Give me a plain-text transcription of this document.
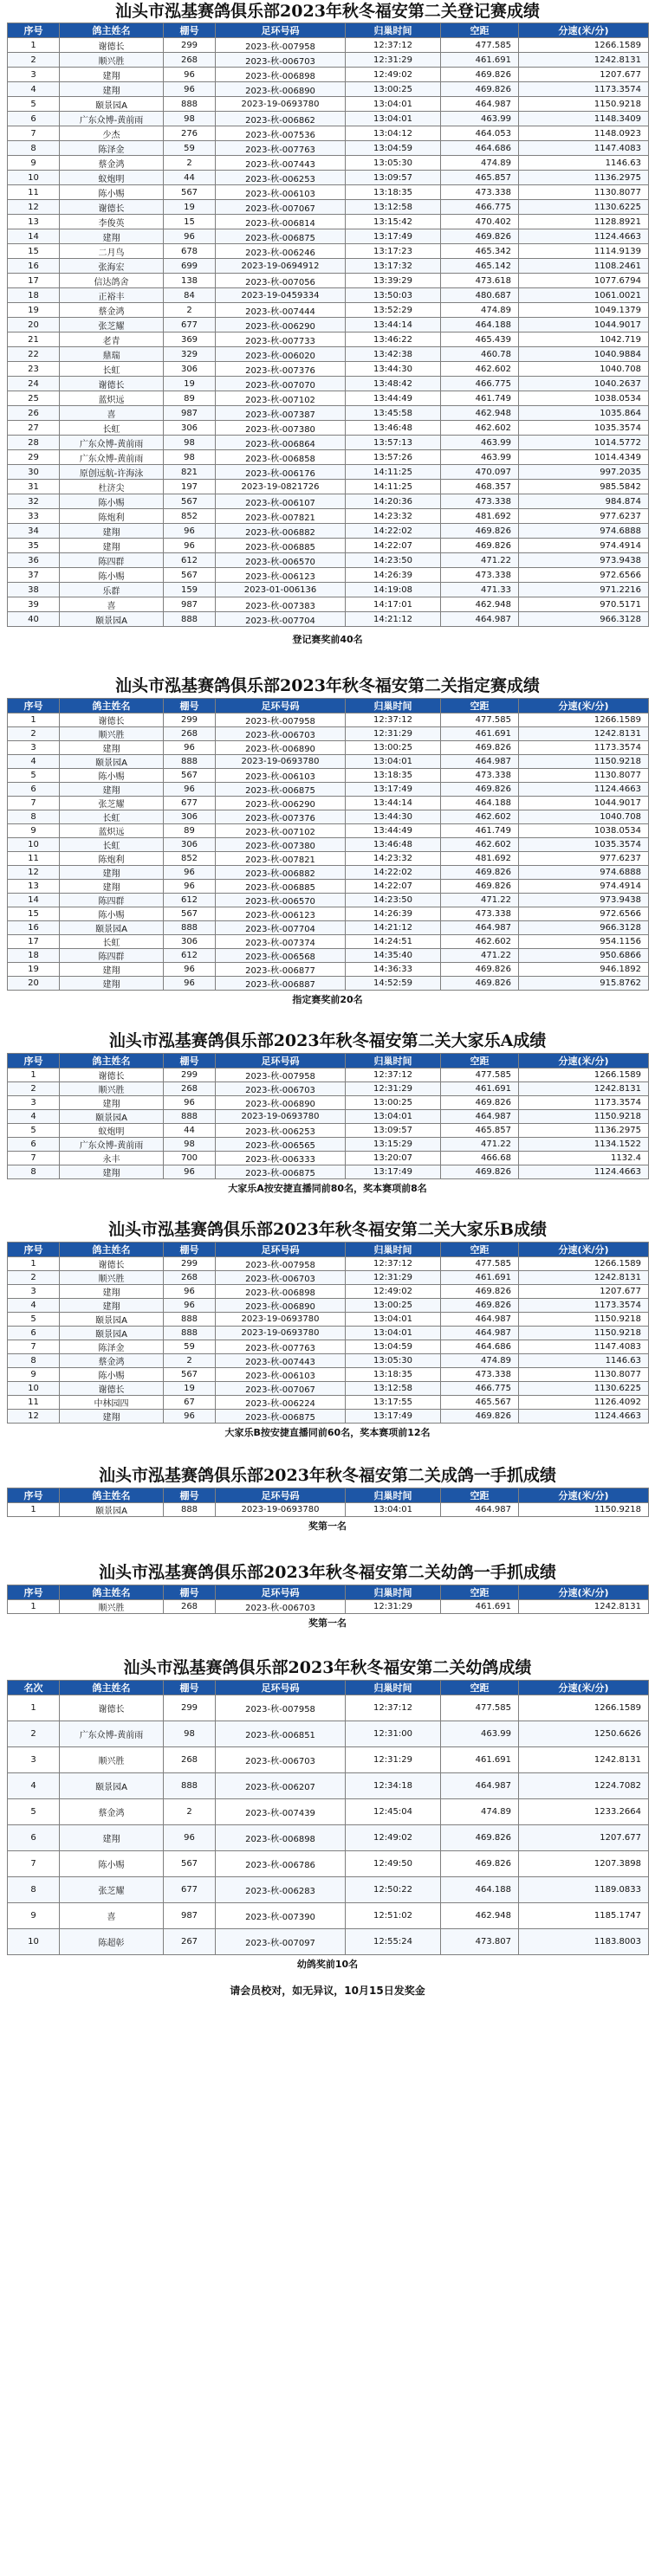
汕头市泓基赛鸽俱乐部2023年秋冬福安第二关登记赛成绩
序号	鸽主姓名	棚号	足环号码	归巢时间	空距	分速(米/分)
1	谢德长	299	2023-秋-007958	12:37:12	477.585	1266.1589
2	顺兴胜	268	2023-秋-006703	12:31:29	461.691	1242.8131
3	建翔	96	2023-秋-006898	12:49:02	469.826	1207.677
4	建翔	96	2023-秋-006890	13:00:25	469.826	1173.3574
5	颐景园A	888	2023-19-0693780	13:04:01	464.987	1150.9218
6	广东众博-黄前雨	98	2023-秋-006862	13:04:01	463.99	1148.3409
7	少杰	276	2023-秋-007536	13:04:12	464.053	1148.0923
8	陈泽金	59	2023-秋-007763	13:04:59	464.686	1147.4083
9	蔡金鸿	2	2023-秋-007443	13:05:30	474.89	1146.63
10	蚁炮明	44	2023-秋-006253	13:09:57	465.857	1136.2975
11	陈小赐	567	2023-秋-006103	13:18:35	473.338	1130.8077
12	谢德长	19	2023-秋-007067	13:12:58	466.775	1130.6225
13	李俊英	15	2023-秋-006814	13:15:42	470.402	1128.8921
14	建翔	96	2023-秋-006875	13:17:49	469.826	1124.4663
15	二月鸟	678	2023-秋-006246	13:17:23	465.342	1114.9139
16	张海宏	699	2023-19-0694912	13:17:32	465.142	1108.2461
17	信达鸽舍	138	2023-秋-007056	13:39:29	473.618	1077.6794
18	正裕丰	84	2023-19-0459334	13:50:03	480.687	1061.0021
19	蔡金鸿	2	2023-秋-007444	13:52:29	474.89	1049.1379
20	张芝耀	677	2023-秋-006290	13:44:14	464.188	1044.9017
21	老青	369	2023-秋-007733	13:46:22	465.439	1042.719
22	鼎瑞	329	2023-秋-006020	13:42:38	460.78	1040.9884
23	长虹	306	2023-秋-007376	13:44:30	462.602	1040.708
24	谢德长	19	2023-秋-007070	13:48:42	466.775	1040.2637
25	蓝炽远	89	2023-秋-007102	13:44:49	461.749	1038.0534
26	喜	987	2023-秋-007387	13:45:58	462.948	1035.864
27	长虹	306	2023-秋-007380	13:46:48	462.602	1035.3574
28	广东众博-黄前雨	98	2023-秋-006864	13:57:13	463.99	1014.5772
29	广东众博-黄前雨	98	2023-秋-006858	13:57:26	463.99	1014.4349
30	原创远航-许海泳	821	2023-秋-006176	14:11:25	470.097	997.2035
31	杜济尖	197	2023-19-0821726	14:11:25	468.357	985.5842
32	陈小赐	567	2023-秋-006107	14:20:36	473.338	984.874
33	陈炮利	852	2023-秋-007821	14:23:32	481.692	977.6237
34	建翔	96	2023-秋-006882	14:22:02	469.826	974.6888
35	建翔	96	2023-秋-006885	14:22:07	469.826	974.4914
36	陈四群	612	2023-秋-006570	14:23:50	471.22	973.9438
37	陈小赐	567	2023-秋-006123	14:26:39	473.338	972.6566
38	乐群	159	2023-01-006136	14:19:08	471.33	971.2216
39	喜	987	2023-秋-007383	14:17:01	462.948	970.5171
40	颐景园A	888	2023-秋-007704	14:21:12	464.987	966.3128
登记赛奖前40名
汕头市泓基赛鸽俱乐部2023年秋冬福安第二关指定赛成绩
序号	鸽主姓名	棚号	足环号码	归巢时间	空距	分速(米/分)
1	谢德长	299	2023-秋-007958	12:37:12	477.585	1266.1589
2	顺兴胜	268	2023-秋-006703	12:31:29	461.691	1242.8131
3	建翔	96	2023-秋-006890	13:00:25	469.826	1173.3574
4	颐景园A	888	2023-19-0693780	13:04:01	464.987	1150.9218
5	陈小赐	567	2023-秋-006103	13:18:35	473.338	1130.8077
6	建翔	96	2023-秋-006875	13:17:49	469.826	1124.4663
7	张芝耀	677	2023-秋-006290	13:44:14	464.188	1044.9017
8	长虹	306	2023-秋-007376	13:44:30	462.602	1040.708
9	蓝炽远	89	2023-秋-007102	13:44:49	461.749	1038.0534
10	长虹	306	2023-秋-007380	13:46:48	462.602	1035.3574
11	陈炮利	852	2023-秋-007821	14:23:32	481.692	977.6237
12	建翔	96	2023-秋-006882	14:22:02	469.826	974.6888
13	建翔	96	2023-秋-006885	14:22:07	469.826	974.4914
14	陈四群	612	2023-秋-006570	14:23:50	471.22	973.9438
15	陈小赐	567	2023-秋-006123	14:26:39	473.338	972.6566
16	颐景园A	888	2023-秋-007704	14:21:12	464.987	966.3128
17	长虹	306	2023-秋-007374	14:24:51	462.602	954.1156
18	陈四群	612	2023-秋-006568	14:35:40	471.22	950.6866
19	建翔	96	2023-秋-006877	14:36:33	469.826	946.1892
20	建翔	96	2023-秋-006887	14:52:59	469.826	915.8762
指定赛奖前20名
汕头市泓基赛鸽俱乐部2023年秋冬福安第二关大家乐A成绩
序号	鸽主姓名	棚号	足环号码	归巢时间	空距	分速(米/分)
1	谢德长	299	2023-秋-007958	12:37:12	477.585	1266.1589
2	顺兴胜	268	2023-秋-006703	12:31:29	461.691	1242.8131
3	建翔	96	2023-秋-006890	13:00:25	469.826	1173.3574
4	颐景园A	888	2023-19-0693780	13:04:01	464.987	1150.9218
5	蚁炮明	44	2023-秋-006253	13:09:57	465.857	1136.2975
6	广东众博-黄前雨	98	2023-秋-006565	13:15:29	471.22	1134.1522
7	永丰	700	2023-秋-006333	13:20:07	466.68	1132.4
8	建翔	96	2023-秋-006875	13:17:49	469.826	1124.4663
大家乐A按安捷直播同前80名，奖本赛项前8名
汕头市泓基赛鸽俱乐部2023年秋冬福安第二关大家乐B成绩
序号	鸽主姓名	棚号	足环号码	归巢时间	空距	分速(米/分)
1	谢德长	299	2023-秋-007958	12:37:12	477.585	1266.1589
2	顺兴胜	268	2023-秋-006703	12:31:29	461.691	1242.8131
3	建翔	96	2023-秋-006898	12:49:02	469.826	1207.677
4	建翔	96	2023-秋-006890	13:00:25	469.826	1173.3574
5	颐景园A	888	2023-19-0693780	13:04:01	464.987	1150.9218
6	颐景园A	888	2023-19-0693780	13:04:01	464.987	1150.9218
7	陈泽金	59	2023-秋-007763	13:04:59	464.686	1147.4083
8	蔡金鸿	2	2023-秋-007443	13:05:30	474.89	1146.63
9	陈小赐	567	2023-秋-006103	13:18:35	473.338	1130.8077
10	谢德长	19	2023-秋-007067	13:12:58	466.775	1130.6225
11	中林园四	67	2023-秋-006224	13:17:55	465.567	1126.4092
12	建翔	96	2023-秋-006875	13:17:49	469.826	1124.4663
大家乐B按安捷直播同前60名，奖本赛项前12名
汕头市泓基赛鸽俱乐部2023年秋冬福安第二关成鸽一手抓成绩
序号	鸽主姓名	棚号	足环号码	归巢时间	空距	分速(米/分)
1	颐景园A	888	2023-19-0693780	13:04:01	464.987	1150.9218
奖第一名
汕头市泓基赛鸽俱乐部2023年秋冬福安第二关幼鸽一手抓成绩
序号	鸽主姓名	棚号	足环号码	归巢时间	空距	分速(米/分)
1	顺兴胜	268	2023-秋-006703	12:31:29	461.691	1242.8131
奖第一名
汕头市泓基赛鸽俱乐部2023年秋冬福安第二关幼鸽成绩
名次	鸽主姓名	棚号	足环号码	归巢时间	空距	分速(米/分)
1	谢德长	299	2023-秋-007958	12:37:12	477.585	1266.1589
2	广东众博-黄前雨	98	2023-秋-006851	12:31:00	463.99	1250.6626
3	顺兴胜	268	2023-秋-006703	12:31:29	461.691	1242.8131
4	颐景园A	888	2023-秋-006207	12:34:18	464.987	1224.7082
5	蔡金鸿	2	2023-秋-007439	12:45:04	474.89	1233.2664
6	建翔	96	2023-秋-006898	12:49:02	469.826	1207.677
7	陈小赐	567	2023-秋-006786	12:49:50	469.826	1207.3898
8	张芝耀	677	2023-秋-006283	12:50:22	464.188	1189.0833
9	喜	987	2023-秋-007390	12:51:02	462.948	1185.1747
10	陈超彰	267	2023-秋-007097	12:55:24	473.807	1183.8003
幼鸽奖前10名
请会员校对，如无异议，10月15日发奖金
